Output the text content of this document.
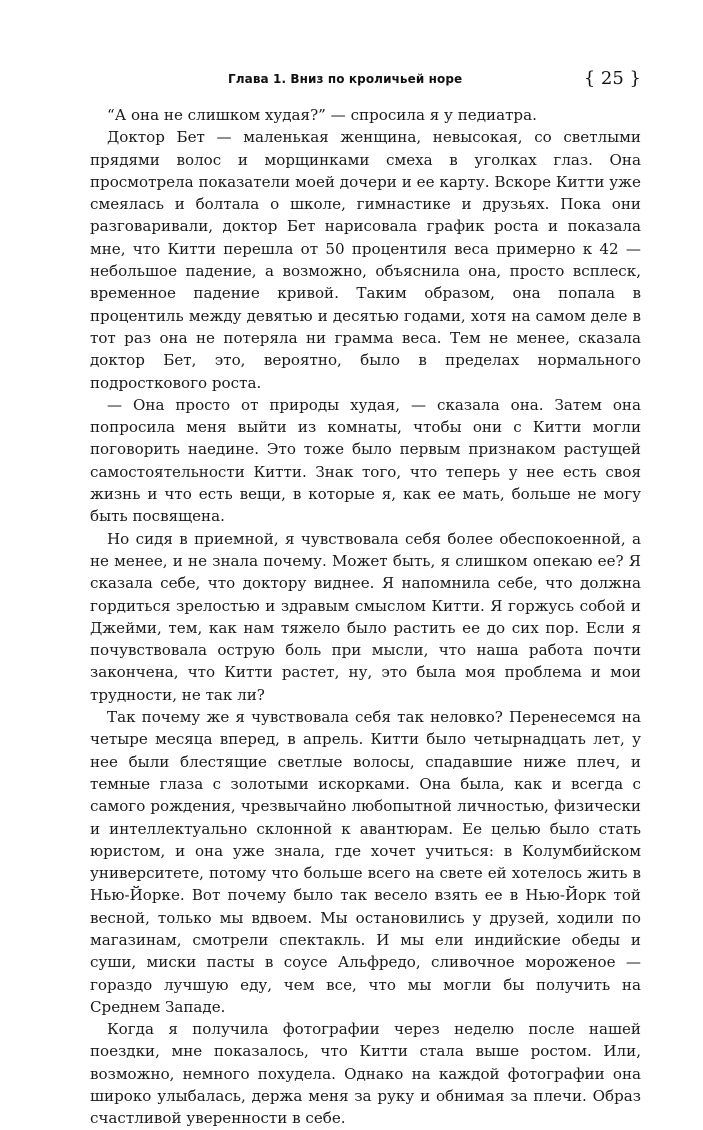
Глава 1. Вниз по кроличьей норе	{ 25 }

“А она не слишком худая?” — спросила я у педиатра.

Доктор Бет — маленькая женщина, невысокая, со светлыми прядями волос и морщинками смеха в уголках глаз. Она просмотрела показатели моей дочери и ее карту. Вскоре Китти уже смеялась и болтала о школе, гимнастике и друзьях. Пока они разговаривали, доктор Бет нарисовала график роста и показала мне, что Китти перешла от 50 процентиля веса примерно к 42 — небольшое падение, а возможно, объяснила она, просто всплеск, временное падение кривой. Таким образом, она попала в процентиль между девятью и десятью годами, хотя на самом деле в тот раз она не потеряла ни грамма веса. Тем не менее, сказала доктор Бет, это, вероятно, было в пределах нормального подросткового роста.

— Она просто от природы худая, — сказала она. Затем она попросила меня выйти из комнаты, чтобы они с Китти могли поговорить наедине. Это тоже было первым признаком растущей самостоятельности Китти. Знак того, что теперь у нее есть своя жизнь и что есть вещи, в которые я, как ее мать, больше не могу быть посвящена.

Но сидя в приемной, я чувствовала себя более обеспокоенной, а не менее, и не знала почему. Может быть, я слишком опекаю ее? Я сказала себе, что доктору виднее. Я напомнила себе, что должна гордиться зрелостью и здравым смыслом Китти. Я горжусь собой и Джейми, тем, как нам тяжело было растить ее до сих пор. Если я почувствовала острую боль при мысли, что наша работа почти закончена, что Китти растет, ну, это была моя проблема и мои трудности, не так ли?

Так почему же я чувствовала себя так неловко? Перенесемся на четыре месяца вперед, в апрель. Китти было четырнадцать лет, у нее были блестящие светлые волосы, спадавшие ниже плеч, и темные глаза с золотыми искорками. Она была, как и всегда с самого рождения, чрезвычайно любопытной личностью, физически и интеллектуально склонной к авантюрам. Ее целью было стать юристом, и она уже знала, где хочет учиться: в Колумбийском университете, потому что больше всего на свете ей хотелось жить в Нью-Йорке. Вот почему было так весело взять ее в Нью-Йорк той весной, только мы вдвоем. Мы остановились у друзей, ходили по магазинам, смотрели спектакль. И мы ели индийские обеды и суши, миски пасты в соусе Альфредо, сливочное мороженое — гораздо лучшую еду, чем все, что мы могли бы получить на Среднем Западе.

Когда я получила фотографии через неделю после нашей поездки, мне показалось, что Китти стала выше ростом. Или, возможно, немного похудела. Однако на каждой фотографии она широко улыбалась, держа меня за руку и обнимая за плечи. Образ счастливой уверенности в себе.
